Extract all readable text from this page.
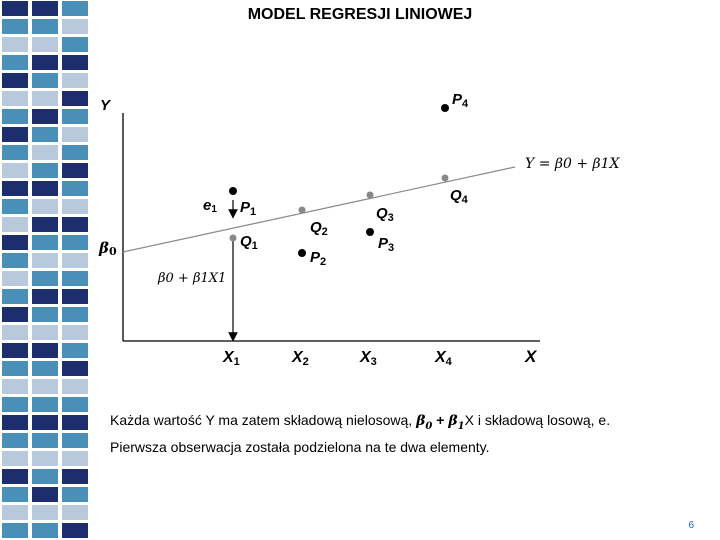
MODEL REGRESJI LINIOWEJ
Y
X
β0
Y = β0 + β1X
β0 + β1X1
e1 $P_1$
$Q_1$
X1
$P_2$
$Q_2$
X2
$P_3$
$Q_3$
X3
$P_4$
$Q_4$
X4
Każda wartość Y ma zatem składową nielosową, $\beta_0 + \beta_1X$ i składową losową, e.
Pierwsza obserwacja została podzielona na te dwa elementy.
6
